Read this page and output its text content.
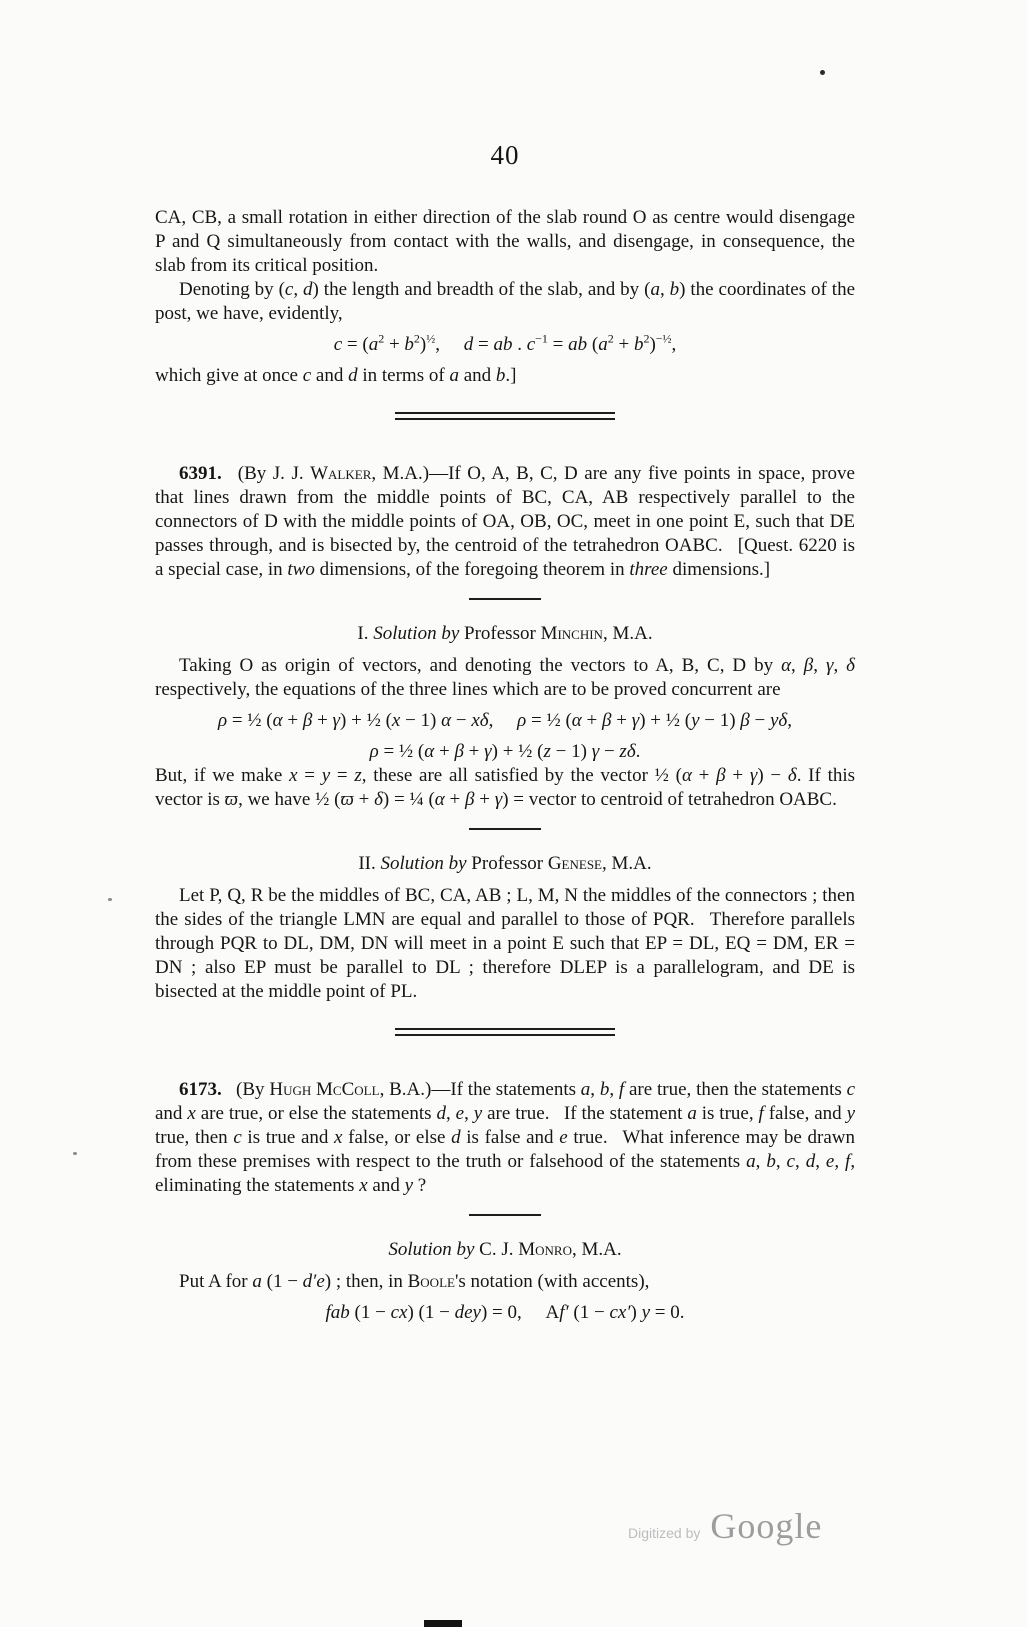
40

CA, CB, a small rotation in either direction of the slab round O as centre would disengage P and Q simultaneously from contact with the walls, and disengage, in consequence, the slab from its critical position.

Denoting by (c, d) the length and breadth of the slab, and by (a, b) the coordinates of the post, we have, evidently,

$c = (a^2 + b^2)^{\frac{1}{2}}$,  d = ab . $c^{-1}$ = ab $(a^2 + b^2)^{-\frac{1}{2}}$,

which give at once c and d in terms of a and b.]

6391.  (By J. J. Walker, M.A.)—If O, A, B, C, D are any five points in space, prove that lines drawn from the middle points of BC, CA, AB respectively parallel to the connectors of D with the middle points of OA, OB, OC, meet in one point E, such that DE passes through, and is bisected by, the centroid of the tetrahedron OABC.  [Quest. 6220 is a special case, in two dimensions, of the foregoing theorem in three dimensions.]

I. Solution by Professor Minchin, M.A.

Taking O as origin of vectors, and denoting the vectors to A, B, C, D by α, β, γ, δ respectively, the equations of the three lines which are to be proved concurrent are

ρ = ½ (α + β + γ) + ½ (x − 1) α − xδ,  ρ = ½ (α + β + γ) + ½ (y − 1) β − yδ,
ρ = ½ (α + β + γ) + ½ (z − 1) γ − zδ.

But, if we make x = y = z, these are all satisfied by the vector ½ (α + β + γ) − δ. If this vector is ϖ, we have ½ (ϖ + δ) = ¼ (α + β + γ) = vector to centroid of tetrahedron OABC.

II. Solution by Professor Genese, M.A.

Let P, Q, R be the middles of BC, CA, AB ; L, M, N the middles of the connectors ; then the sides of the triangle LMN are equal and parallel to those of PQR.  Therefore parallels through PQR to DL, DM, DN will meet in a point E such that EP = DL, EQ = DM, ER = DN ; also EP must be parallel to DL ; therefore DLEP is a parallelogram, and DE is bisected at the middle point of PL.

6173.  (By Hugh McColl, B.A.)—If the statements a, b, f are true, then the statements c and x are true, or else the statements d, e, y are true.  If the statement a is true, f false, and y true, then c is true and x false, or else d is false and e true.  What inference may be drawn from these premises with respect to the truth or falsehood of the statements a, b, c, d, e, f, eliminating the statements x and y ?

Solution by C. J. Monro, M.A.

Put A for a (1 − d′e) ; then, in Boole's notation (with accents),

fab (1 − cx) (1 − dey) = 0,  Af′ (1 − cx′) y = 0.
Digitized by Google
